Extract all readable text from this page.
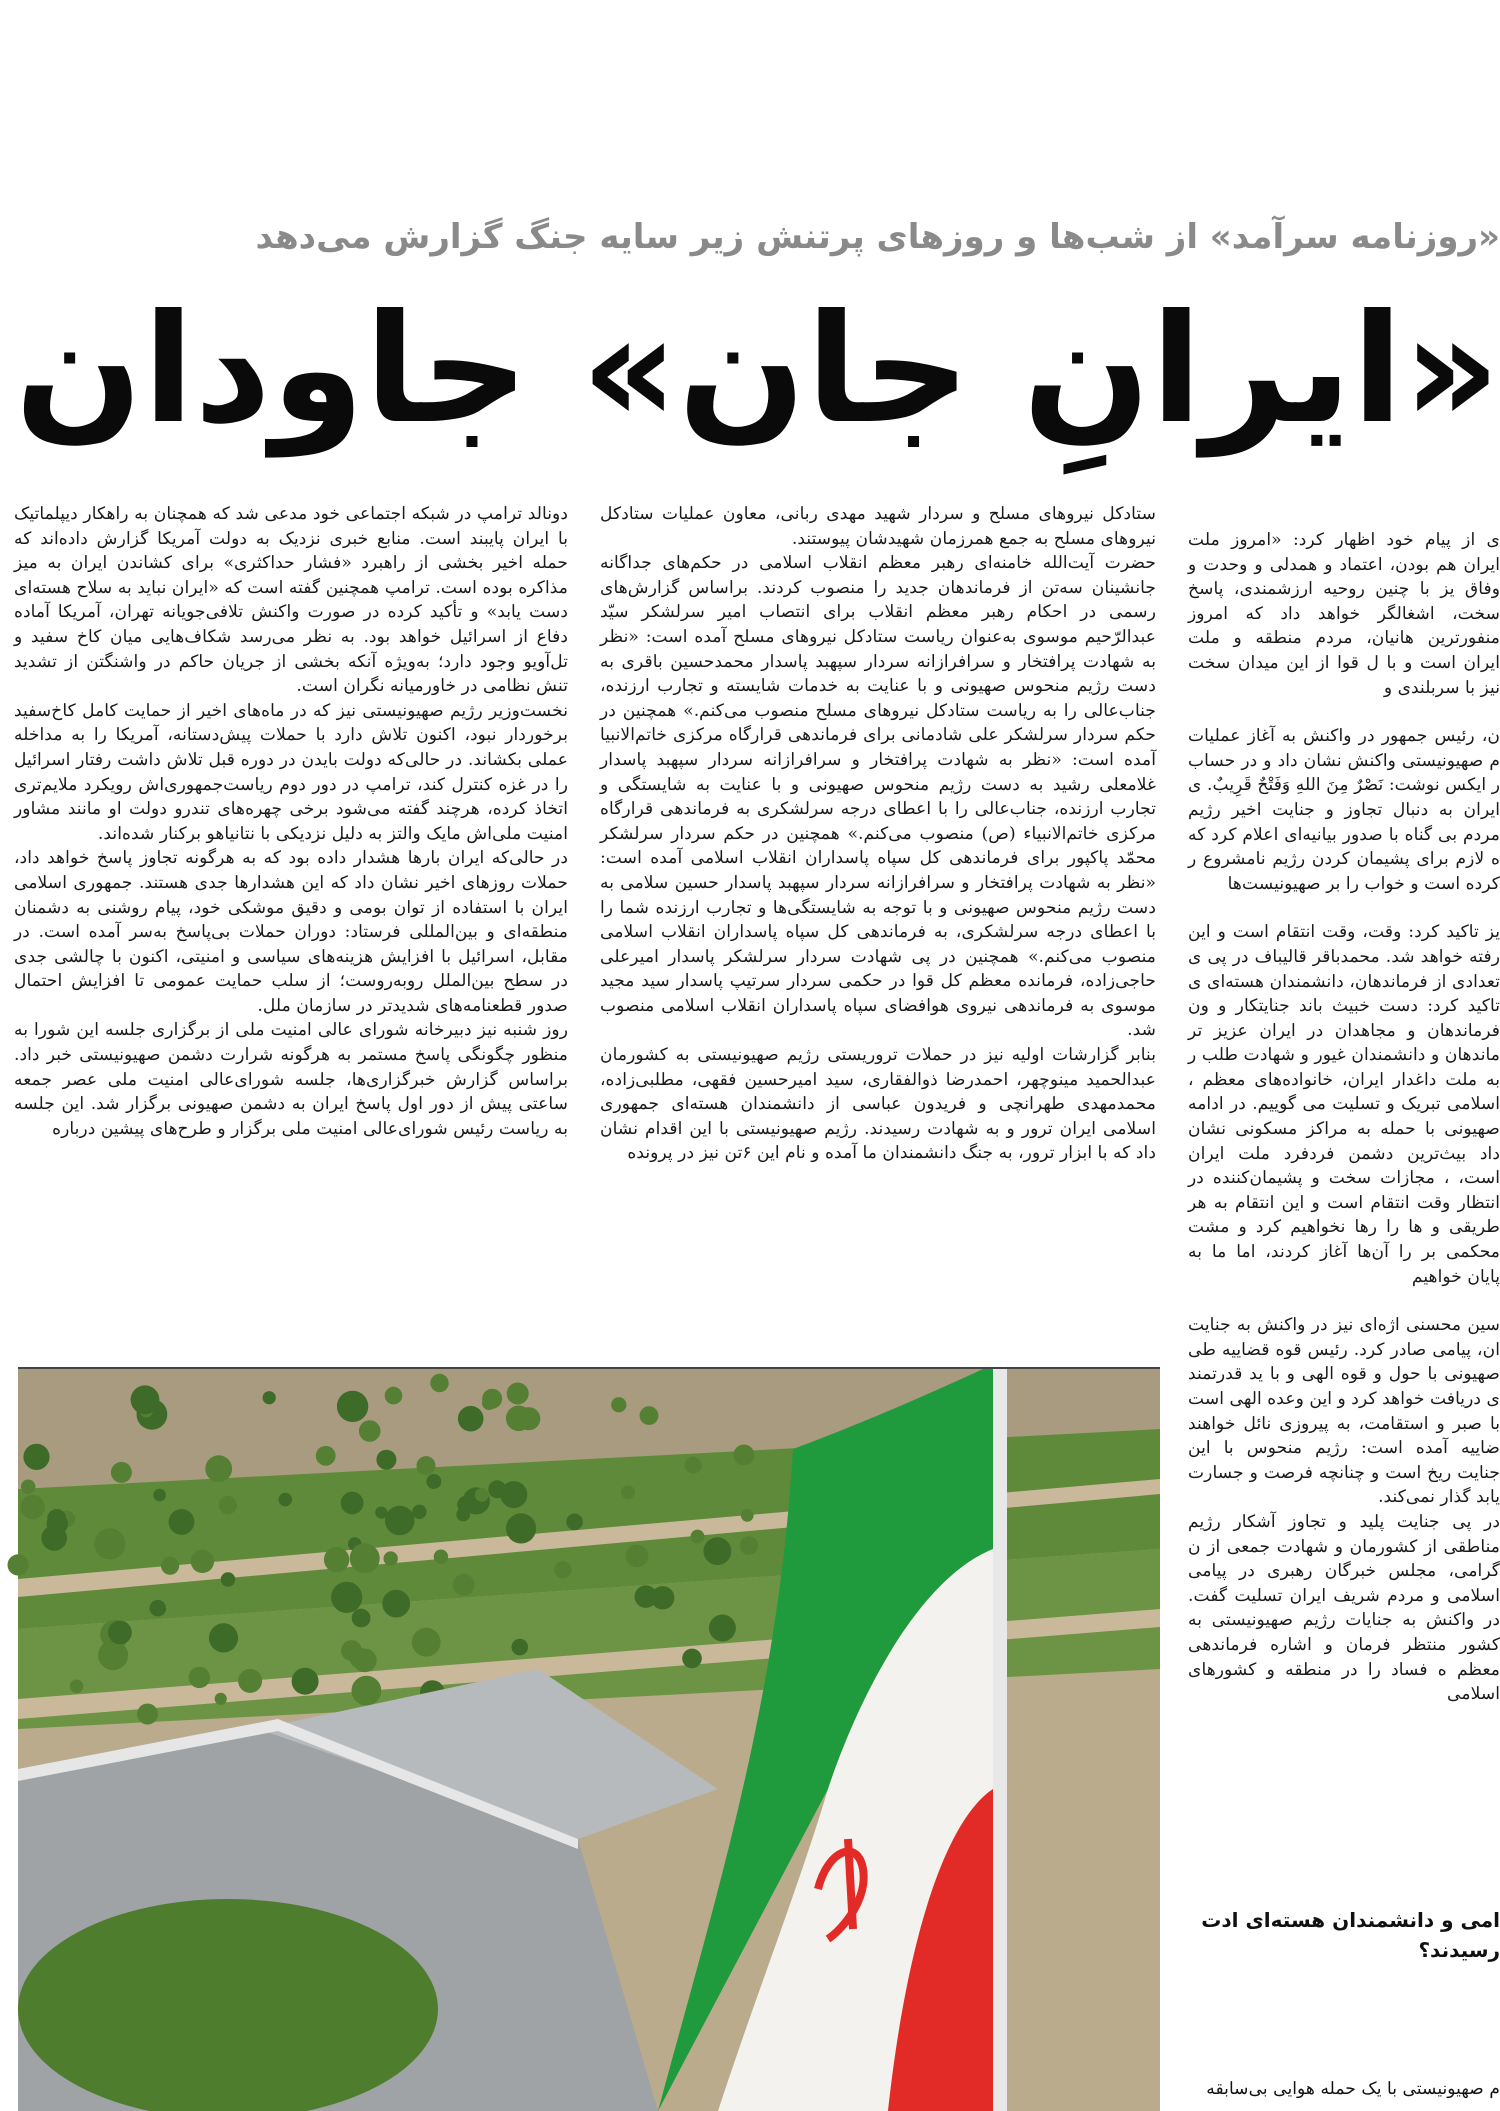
«روزنامه سرآمد» از شب‌ها و روزهای پرتنش زیر سایه جنگ گزارش می‌دهد
«ایرانِ جان» جاودان

دونالد ترامپ در شبکه اجتماعی خود مدعی شد که همچنان به راهکار دیپلماتیک با ایران پایبند است. منابع خبری نزدیک به دولت آمریکا گزارش داده‌اند که حمله اخیر بخشی از راهبرد «فشار حداکثری» برای کشاندن ایران به میز مذاکره بوده است. ترامپ همچنین گفته است که «ایران نباید به سلاح هسته‌ای دست یابد» و تأکید کرده در صورت واکنش تلافی‌جویانه تهران، آمریکا آماده دفاع از اسرائیل خواهد بود. به نظر می‌رسد شکاف‌هایی میان کاخ سفید و تل‌آویو وجود دارد؛ به‌ویژه آنکه بخشی از جریان حاکم در واشنگتن از تشدید تنش نظامی در خاورمیانه نگران است.

نخست‌وزیر رژیم صهیونیستی نیز که در ماه‌های اخیر از حمایت کامل کاخ‌سفید برخوردار نبود، اکنون تلاش دارد با حملات پیش‌دستانه، آمریکا را به مداخله عملی بکشاند. در حالی‌که دولت بایدن در دوره قبل تلاش داشت رفتار اسرائیل را در غزه کنترل کند، ترامپ در دور دوم ریاست‌جمهوری‌اش رویکرد ملایم‌تری اتخاذ کرده، هرچند گفته می‌شود برخی چهره‌های تندرو دولت او مانند مشاور امنیت ملی‌اش مایک والتز به دلیل نزدیکی با نتانیاهو برکنار شده‌اند.

در حالی‌که ایران بارها هشدار داده بود که به هرگونه تجاوز پاسخ خواهد داد، حملات روزهای اخیر نشان داد که این هشدارها جدی هستند. جمهوری اسلامی ایران با استفاده از توان بومی و دقیق موشکی خود، پیام روشنی به دشمنان منطقه‌ای و بین‌المللی فرستاد: دوران حملات بی‌پاسخ به‌سر آمده است. در مقابل، اسرائیل با افزایش هزینه‌های سیاسی و امنیتی، اکنون با چالشی جدی در سطح بین‌الملل روبه‌روست؛ از سلب حمایت عمومی تا افزایش احتمال صدور قطعنامه‌های شدیدتر در سازمان ملل.

روز شنبه نیز دبیرخانه شورای عالی امنیت ملی از برگزاری جلسه این شورا به منظور چگونگی پاسخ مستمر به هرگونه شرارت دشمن صهیونیستی خبر داد. براساس گزارش خبرگزاری‌ها، جلسه شورای‌عالی امنیت ملی عصر جمعه ساعتی پیش از دور اول پاسخ ایران به دشمن صهیونی برگزار شد. این جلسه به ریاست رئیس شورای‌عالی امنیت ملی برگزار و طرح‌های پیشین درباره

ستادکل نیروهای مسلح و سردار شهید مهدی ربانی، معاون عملیات ستادکل نیروهای مسلح به جمع همرزمان شهیدشان پیوستند.

حضرت آیت‌الله خامنه‌ای رهبر معظم انقلاب اسلامی در حکم‌های جداگانه جانشینان سه‌تن از فرماندهان جدید را منصوب کردند. براساس گزارش‌های رسمی در احکام رهبر معظم انقلاب برای انتصاب امیر سرلشکر سیّد عبدالرّحیم موسوی به‌عنوان ریاست ستادکل نیروهای مسلح آمده است: «نظر به شهادت پرافتخار و سرافرازانه سردار سپهبد پاسدار محمدحسین باقری به دست رژیم منحوس صهیونی و با عنایت به خدمات شایسته و تجارب ارزنده، جناب‌عالی را به ریاست ستادکل نیروهای مسلح منصوب می‌کنم.» همچنین در حکم سردار سرلشکر علی شادمانی برای فرماندهی قرارگاه مرکزی خاتم‌الانبیا آمده است: «نظر به شهادت پرافتخار و سرافرازانه سردار سپهبد پاسدار غلامعلی رشید به دست رژیم منحوس صهیونی و با عنایت به شایستگی و تجارب ارزنده، جناب‌عالی را با اعطای درجه سرلشکری به فرماندهی قرارگاه مرکزی خاتم‌الانبیاء (ص) منصوب می‌کنم.» همچنین در حکم سردار سرلشکر محمّد پاکپور برای فرماندهی کل سپاه پاسداران انقلاب اسلامی آمده است: «نظر به شهادت پرافتخار و سرافرازانه سردار سپهبد پاسدار حسین سلامی به دست رژیم منحوس صهیونی و با توجه به شایستگی‌ها و تجارب ارزنده شما را با اعطای درجه سرلشکری، به فرماندهی کل سپاه پاسداران انقلاب اسلامی منصوب می‌کنم.» همچنین در پی شهادت سردار سرلشکر پاسدار امیرعلی حاجی‌زاده، فرمانده معظم کل قوا در حکمی سردار سرتیپ پاسدار سید مجید موسوی به فرماندهی نیروی هوافضای سپاه پاسداران انقلاب اسلامی منصوب شد.

بنابر گزارشات اولیه نیز در حملات تروریستی رژیم صهیونیستی به کشورمان عبدالحمید مینوچهر، احمدرضا ذوالفقاری، سید امیرحسین فقهی، مطلبی‌زاده، محمدمهدی طهرانچی و فریدون عباسی از دانشمندان هسته‌ای جمهوری اسلامی ایران ترور و به شهادت رسیدند. رژیم صهیونیستی با این اقدام نشان داد که با ابزار ترور، به جنگ دانشمندان ما آمده و نام این ۶تن نیز در پرونده

ی از پیام خود اظهار کرد: «امروز ملت ایران هم بودن، اعتماد و همدلی و وحدت و وفاق یز با چنین روحیه ارزشمندی، پاسخ سخت، اشغالگر خواهد داد که امروز منفورترین هانیان، مردم منطقه و ملت ایران است و با ل قوا از این میدان سخت نیز با سربلندی و

ن، رئیس جمهور در واکنش به آغاز عملیات م صهیونیستی واکنش نشان داد و در حساب ر ایکس نوشت: نَصْرٌ مِنَ اللهِ وَفَتْحٌ قَرِیبٌ. ی ایران به دنبال تجاوز و جنایت اخیر رژیم مردم بی گناه با صدور بیانیه‌ای اعلام کرد که ه لازم برای پشیمان کردن رژیم نامشروع ر کرده است و خواب را بر صهیونیست‌ها

یز تاکید کرد: وقت، وقت انتقام است و این رفته خواهد شد. محمدباقر قالیباف در پی ی تعدادی از فرماندهان، دانشمندان هسته‌ای ی تاکید کرد: دست خبیث باند جنایتکار و ون فرماندهان و مجاهدان در ایران عزیز تر ماندهان و دانشمندان غیور و شهادت طلب ر به ملت داغدار ایران، خانواده‌های معظم ، اسلامی تبریک و تسلیت می گوییم. در ادامه صهیونی با حمله به مراکز مسکونی نشان داد بیث‌ترین دشمن فردفرد ملت ایران است، ، مجازات سخت و پشیمان‌کننده در انتظار وقت انتقام است و این انتقام به هر طریقی و ها را رها نخواهیم کرد و مشت محکمی بر را آن‌ها آغاز کردند، اما ما به پایان خواهیم

سین محسنی اژه‌ای نیز در واکنش به جنایت ان، پیامی صادر کرد. رئیس قوه قضاییه طی صهیونی با حول و قوه الهی و با ید قدرتمند ی دریافت خواهد کرد و این وعده الهی است با صبر و استقامت، به پیروزی نائل خواهند ضاییه آمده است: رژیم منحوس با این جنایت ریخ است و چنانچه فرصت و جسارت یابد گذار نمی‌کند.

در پی جنایت پلید و تجاوز آشکار رژیم مناطقی از کشورمان و شهادت جمعی از ن گرامی، مجلس خبرگان رهبری در پیامی اسلامی و مردم شریف ایران تسلیت گفت. در واکنش به جنایات رژیم صهیونیستی به کشور منتظر فرمان و اشاره فرماندهی معظم ه فساد را در منطقه و کشورهای اسلامی

امی و دانشمندان هسته‌ای ادت رسیدند؟
م صهیونیستی با یک حمله هوایی بی‌سابقه
